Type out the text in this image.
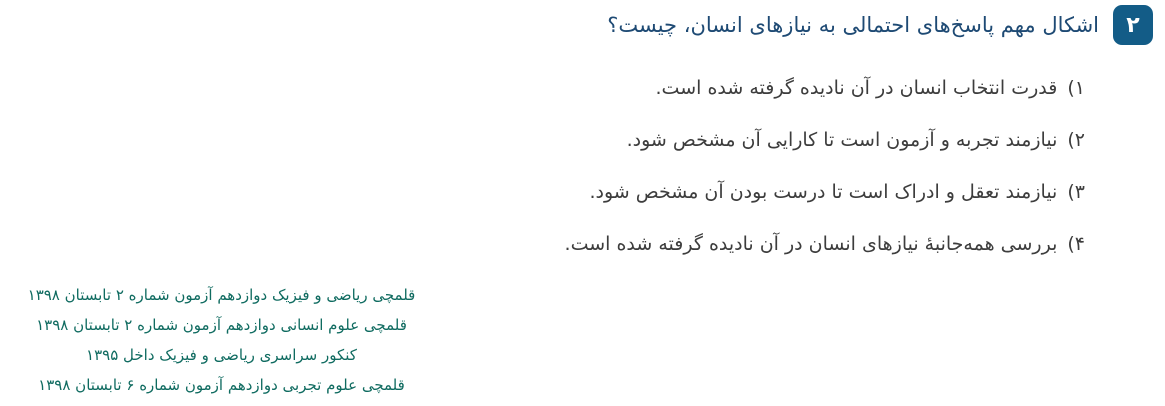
۲
اشکال مهم پاسخ‌های احتمالی به نیازهای انسان، چیست؟
۱)
قدرت انتخاب انسان در آن نادیده گرفته شده است.
۲)
نیازمند تجربه و آزمون است تا کارایی آن مشخص شود.
۳)
نیازمند تعقل و ادراک است تا درست بودن آن مشخص شود.
۴)
بررسی همه‌جانبهٔ نیازهای انسان در آن نادیده گرفته شده است.
قلمچی ریاضی و فیزیک دوازدهم آزمون شماره ۲ تابستان ۱۳۹۸
قلمچی علوم انسانی دوازدهم آزمون شماره ۲ تابستان ۱۳۹۸
کنکور سراسری ریاضی و فیزیک داخل ۱۳۹۵
قلمچی علوم تجربی دوازدهم آزمون شماره ۶ تابستان ۱۳۹۸
